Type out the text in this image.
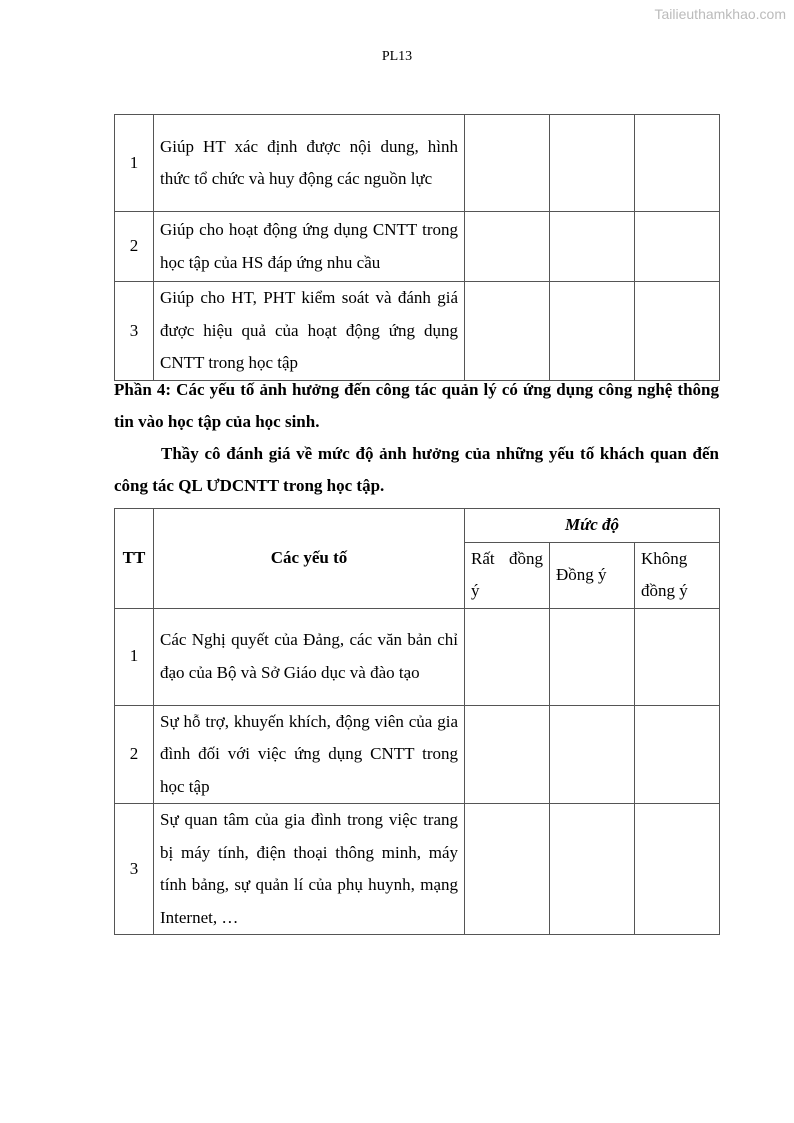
Tailieuthamkhao.com
PL13
1	Giúp HT xác định được nội dung, hình thức tổ chức và huy động các nguồn lực			
2	Giúp cho hoạt động ứng dụng CNTT trong học tập của HS đáp ứng nhu cầu			
3	Giúp cho HT, PHT kiểm soát và đánh giá được hiệu quả của hoạt động ứng dụng CNTT trong học tập			
Phần 4: Các yếu tố ảnh hưởng đến công tác quản lý có ứng dụng công nghệ thông tin vào học tập của học sinh.
Thầy cô đánh giá về mức độ ảnh hưởng của những yếu tố khách quan đến công tác QL ƯDCNTT trong học tập.
TT	Các yếu tố	Mức độ		
		Rất đồng ý	Đồng ý	Không đồng ý
1	Các Nghị quyết của Đảng, các văn bản chỉ đạo của Bộ và Sở Giáo dục và đào tạo			
2	Sự hỗ trợ, khuyến khích, động viên của gia đình đối với việc ứng dụng CNTT trong học tập			
3	Sự quan tâm của gia đình trong việc trang bị máy tính, điện thoại thông minh, máy tính bảng, sự quản lí của phụ huynh, mạng Internet, …			
